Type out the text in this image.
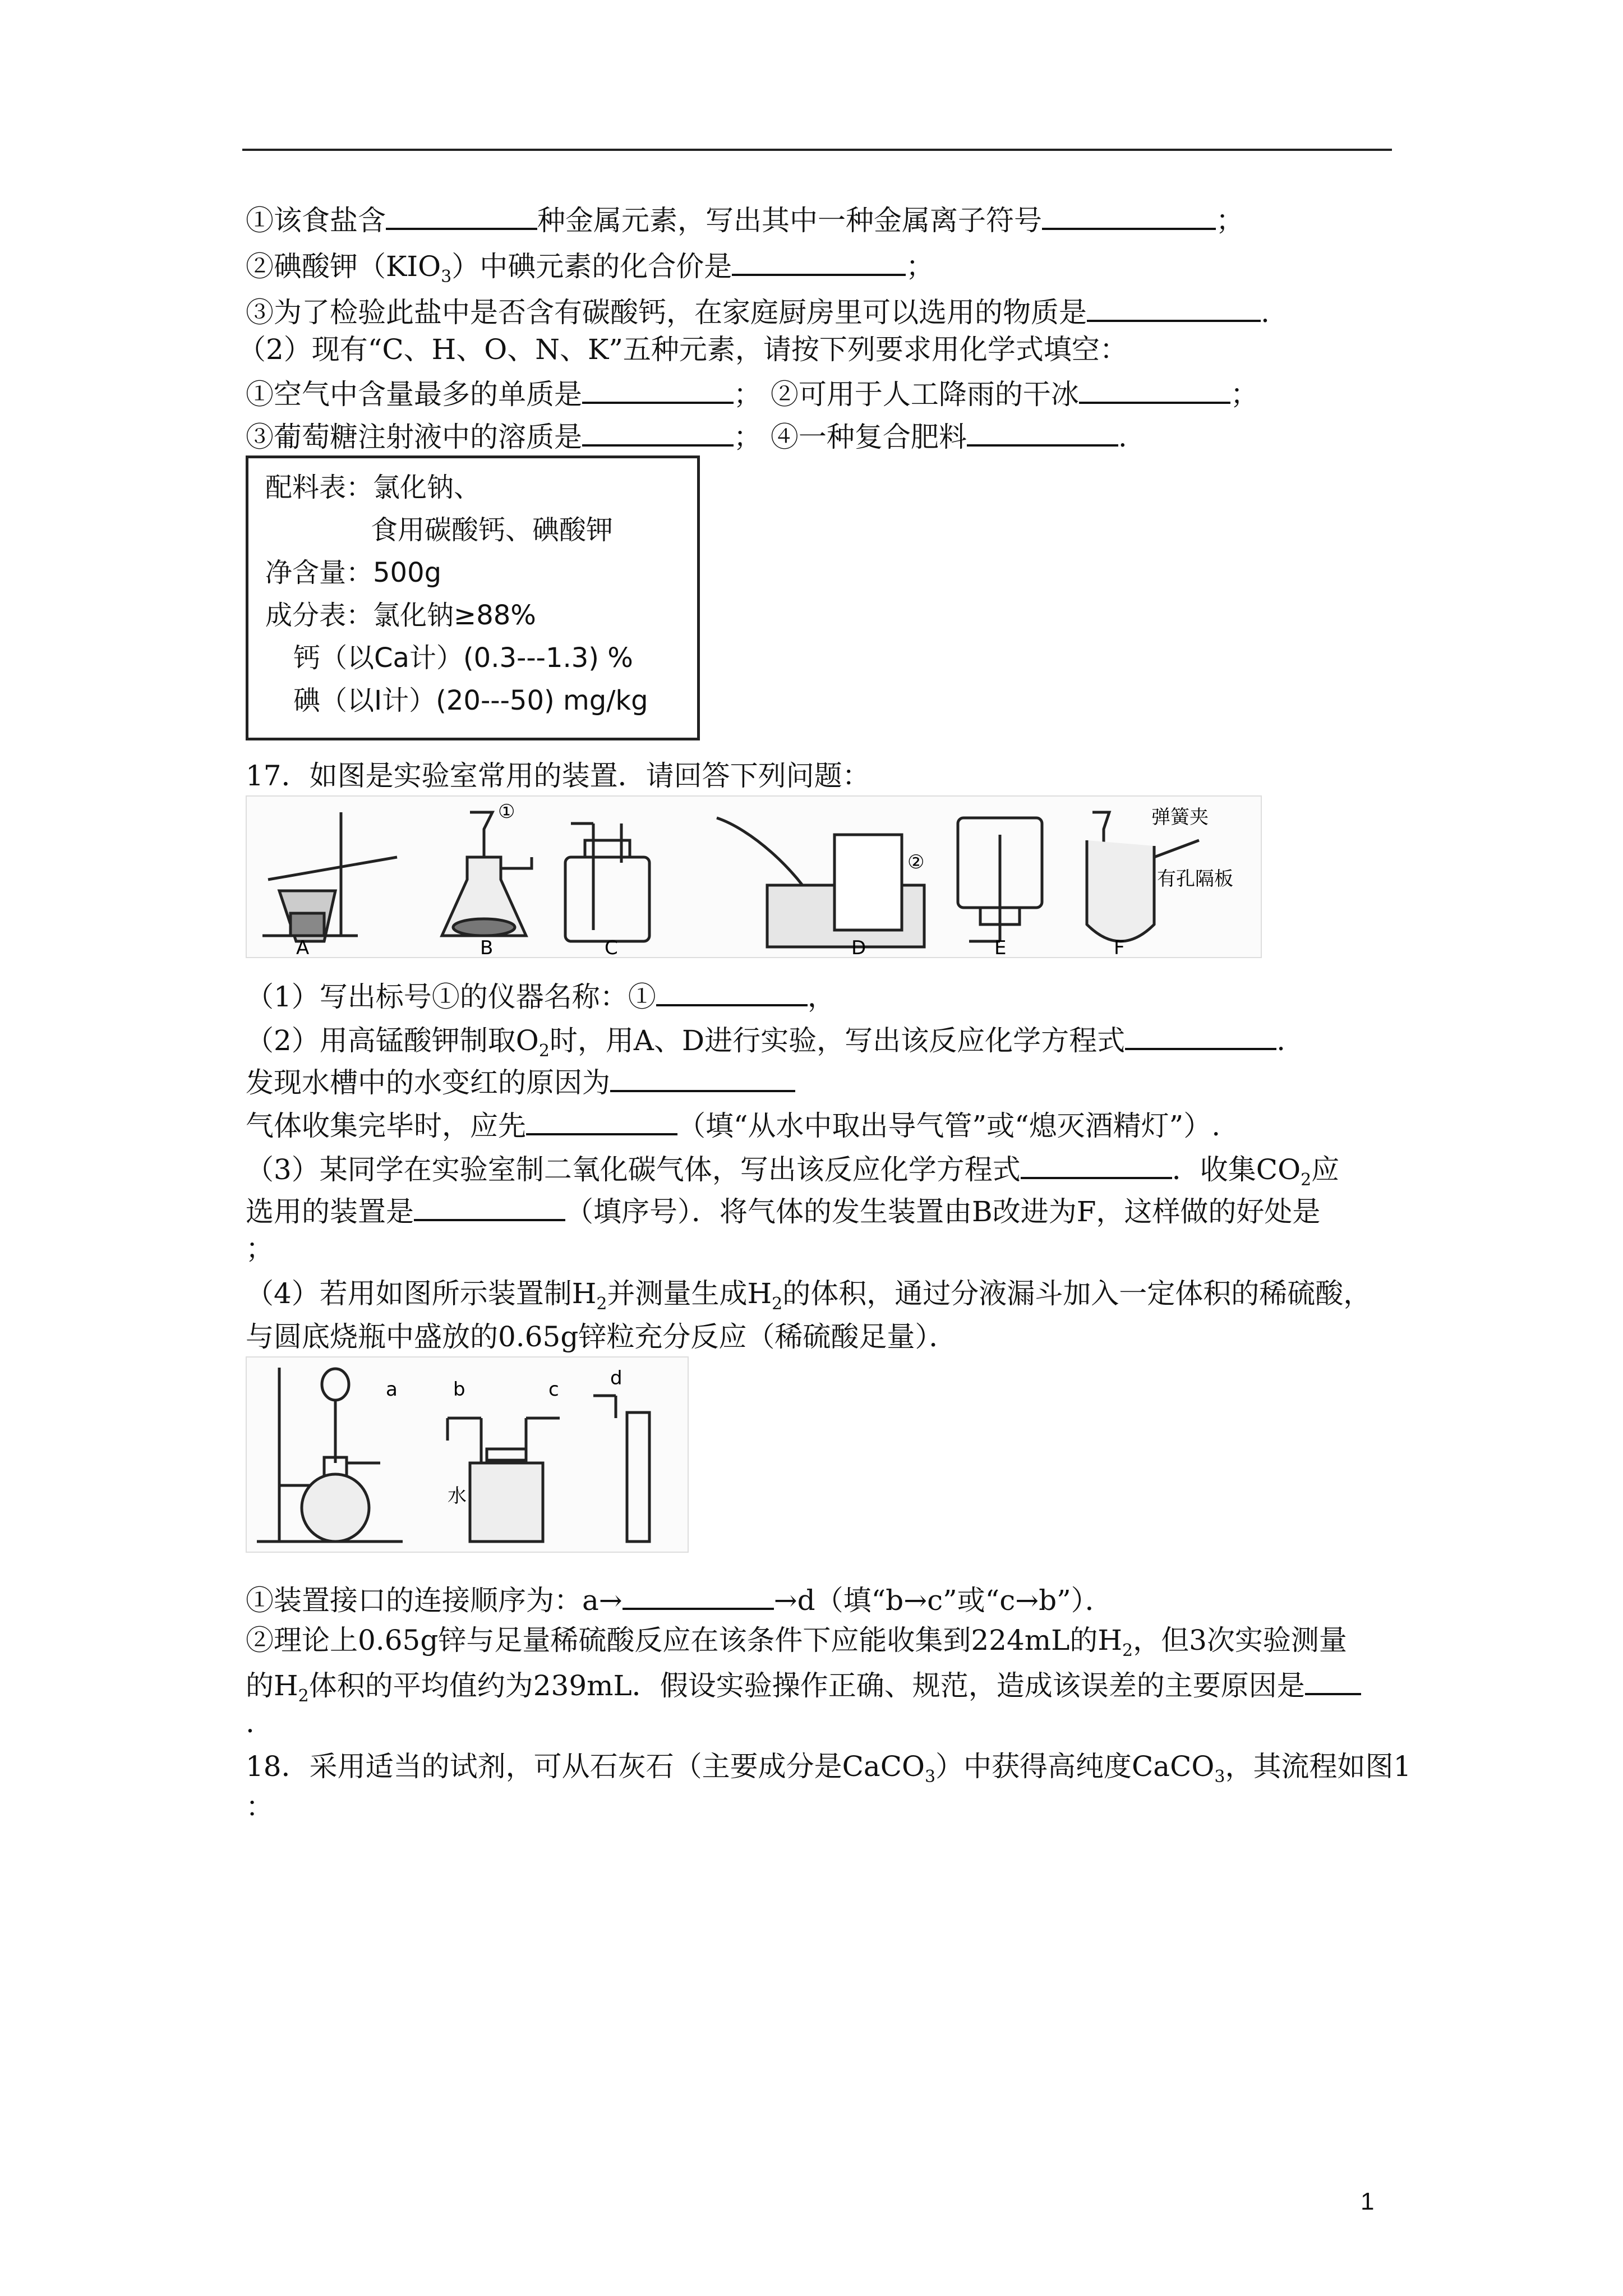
①该食盐含	种金属元素，写出其中一种金属离子符号	；
②碘酸钾$(KIO_3)$中碘元素的化合价是	；
③为了检验此盐中是否含有碳酸钙，在家庭厨房里可以选用的物质是	.
（2）现有“C、H、O、N、K”五种元素，请按下列要求用化学式填空：
①空气中含量最多的单质是	； ②可用于人工降雨的干冰	；
③葡萄糖注射液中的溶质是	； ④一种复合肥料	.
配料表：氯化钠、
食用碳酸钙、碘酸钾
净含量：500g
成分表：氯化钠≥88%
钙（以Ca计）(0.3---1.3) %
碘（以I计）(20---50) mg/kg
17．如图是实验室常用的装置．请回答下列问题：
①
②
弹簧夹
有孔隔板
A	B	C	D	E	F
（1）写出标号①的仪器名称：①	，
（2）用高锰酸钾制取$O_2$时，用A、D进行实验，写出该反应化学方程式	.
发现水槽中的水变红的原因为
气体收集完毕时，应先	（填“从水中取出导气管”或“熄灭酒精灯”）.
（3）某同学在实验室制二氧化碳气体，写出该反应化学方程式	．收集$CO_2$应
选用的装置是	（填序号）．将气体的发生装置由B改进为F，这样做的好处是
；
（4）若用如图所示装置制$H_2$并测量生成$H_2$的体积，通过分液漏斗加入一定体积的稀硫酸，
与圆底烧瓶中盛放的0.65g锌粒充分反应（稀硫酸足量）．
a	b	c	d
水
①装置接口的连接顺序为：a→	→d（填“b→c”或“c→b”）．
②理论上0.65g锌与足量稀硫酸反应在该条件下应能收集到224mL的$H_2$，但3次实验测量
的$H_2$体积的平均值约为239mL．假设实验操作正确、规范，造成该误差的主要原因是
.
18．采用适当的试剂，可从石灰石（主要成分是CaCO$_3$）中获得高纯度CaCO$_3$，其流程如图1
：
1
